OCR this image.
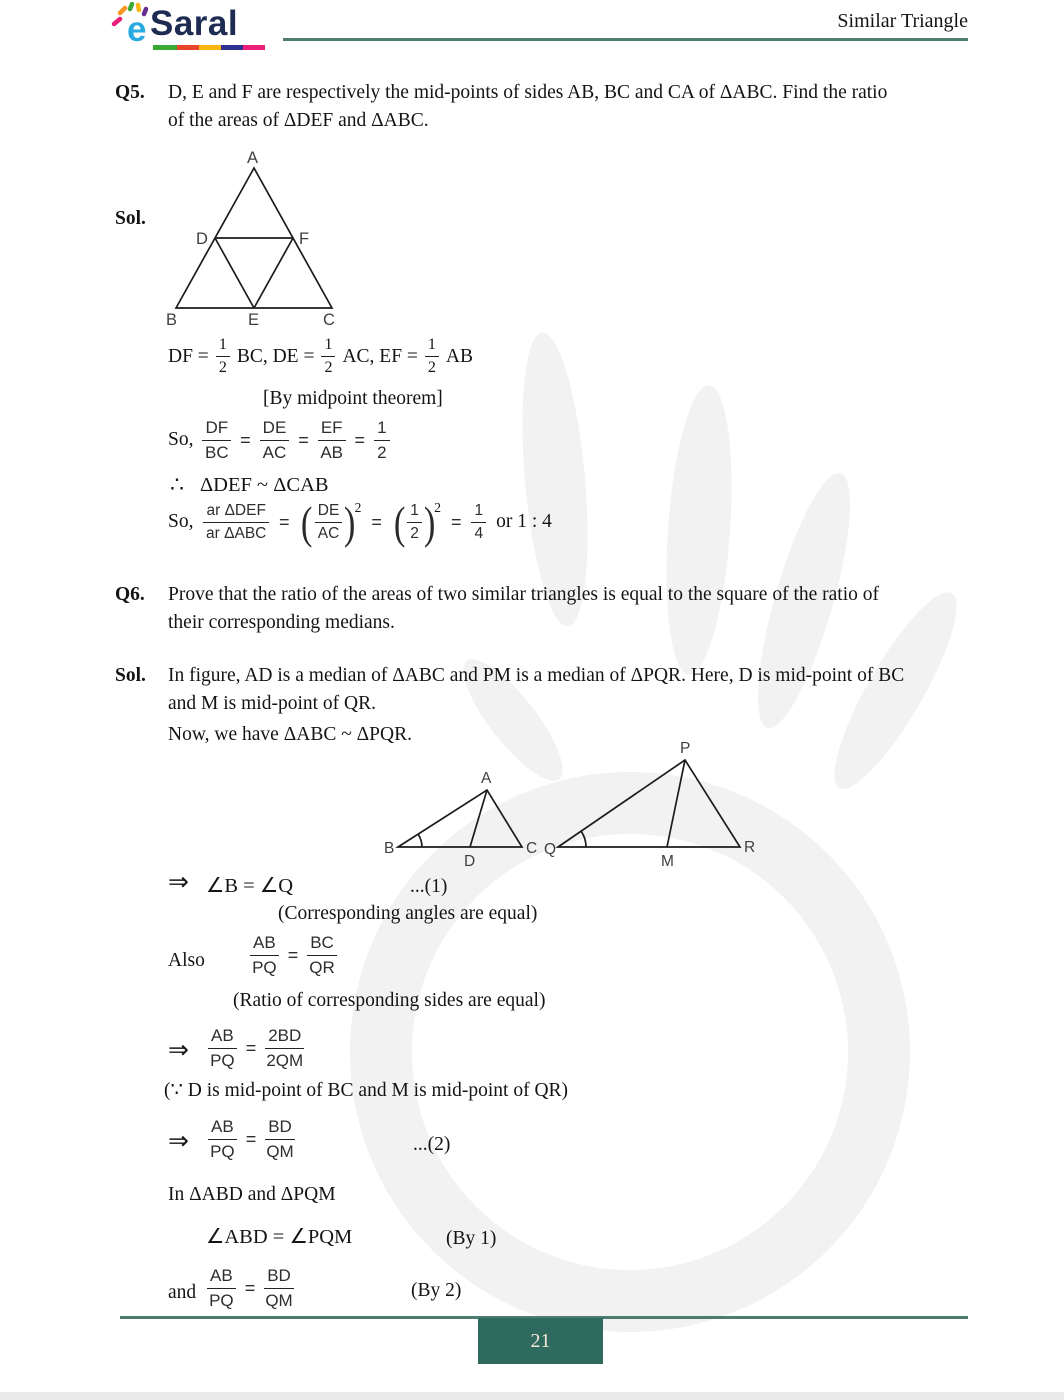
e Saral	Similar Triangle
Q5. D, E and F are respectively the mid-points of sides AB, BC and CA of ΔABC. Find the ratio
of the areas of ΔDEF and ΔABC.
Sol.
A
D	F
B	E	C
DF = $\frac{1}{2}$ BC, DE = $\frac{1}{2}$ AC, EF = $\frac{1}{2}$ AB
[By midpoint theorem]
So, $\frac{DF}{BC} = \frac{DE}{AC} = \frac{EF}{AB} = \frac{1}{2}$
∴ ΔDEF ~ ΔCAB
So, $\frac{\text{ar ΔDEF}}{\text{ar ΔABC}}$ = ( $\frac{DE}{AC}$ )
2
= ( $\frac{1}{2}$ )
2
= $\frac{1}{4}$ or 1 : 4
Q6. Prove that the ratio of the areas of two similar triangles is equal to the square of the ratio of
their corresponding medians.
Sol. In figure, AD is a median of ΔABC and PM is a median of ΔPQR. Here, D is mid-point of BC
and M is mid-point of QR.
Now, we have ΔABC ~ ΔPQR.
B
A
C
D
Q
P
R
M
⇒ ∠B = ∠Q	...(1)
(Corresponding angles are equal)
Also	$\frac{AB}{PQ} = \frac{BC}{QR}$
(Ratio of corresponding sides are equal)
⇒ $\frac{AB}{PQ} = \frac{2BD}{2QM}$
(∵ D is mid-point of BC and M is mid-point of QR)
⇒ $\frac{AB}{PQ} = \frac{BD}{QM}$	...(2)
In ΔABD and ΔPQM
∠ABD = ∠PQM	(By 1)
and $\frac{AB}{PQ} = \frac{BD}{QM}$	(By 2)
21
